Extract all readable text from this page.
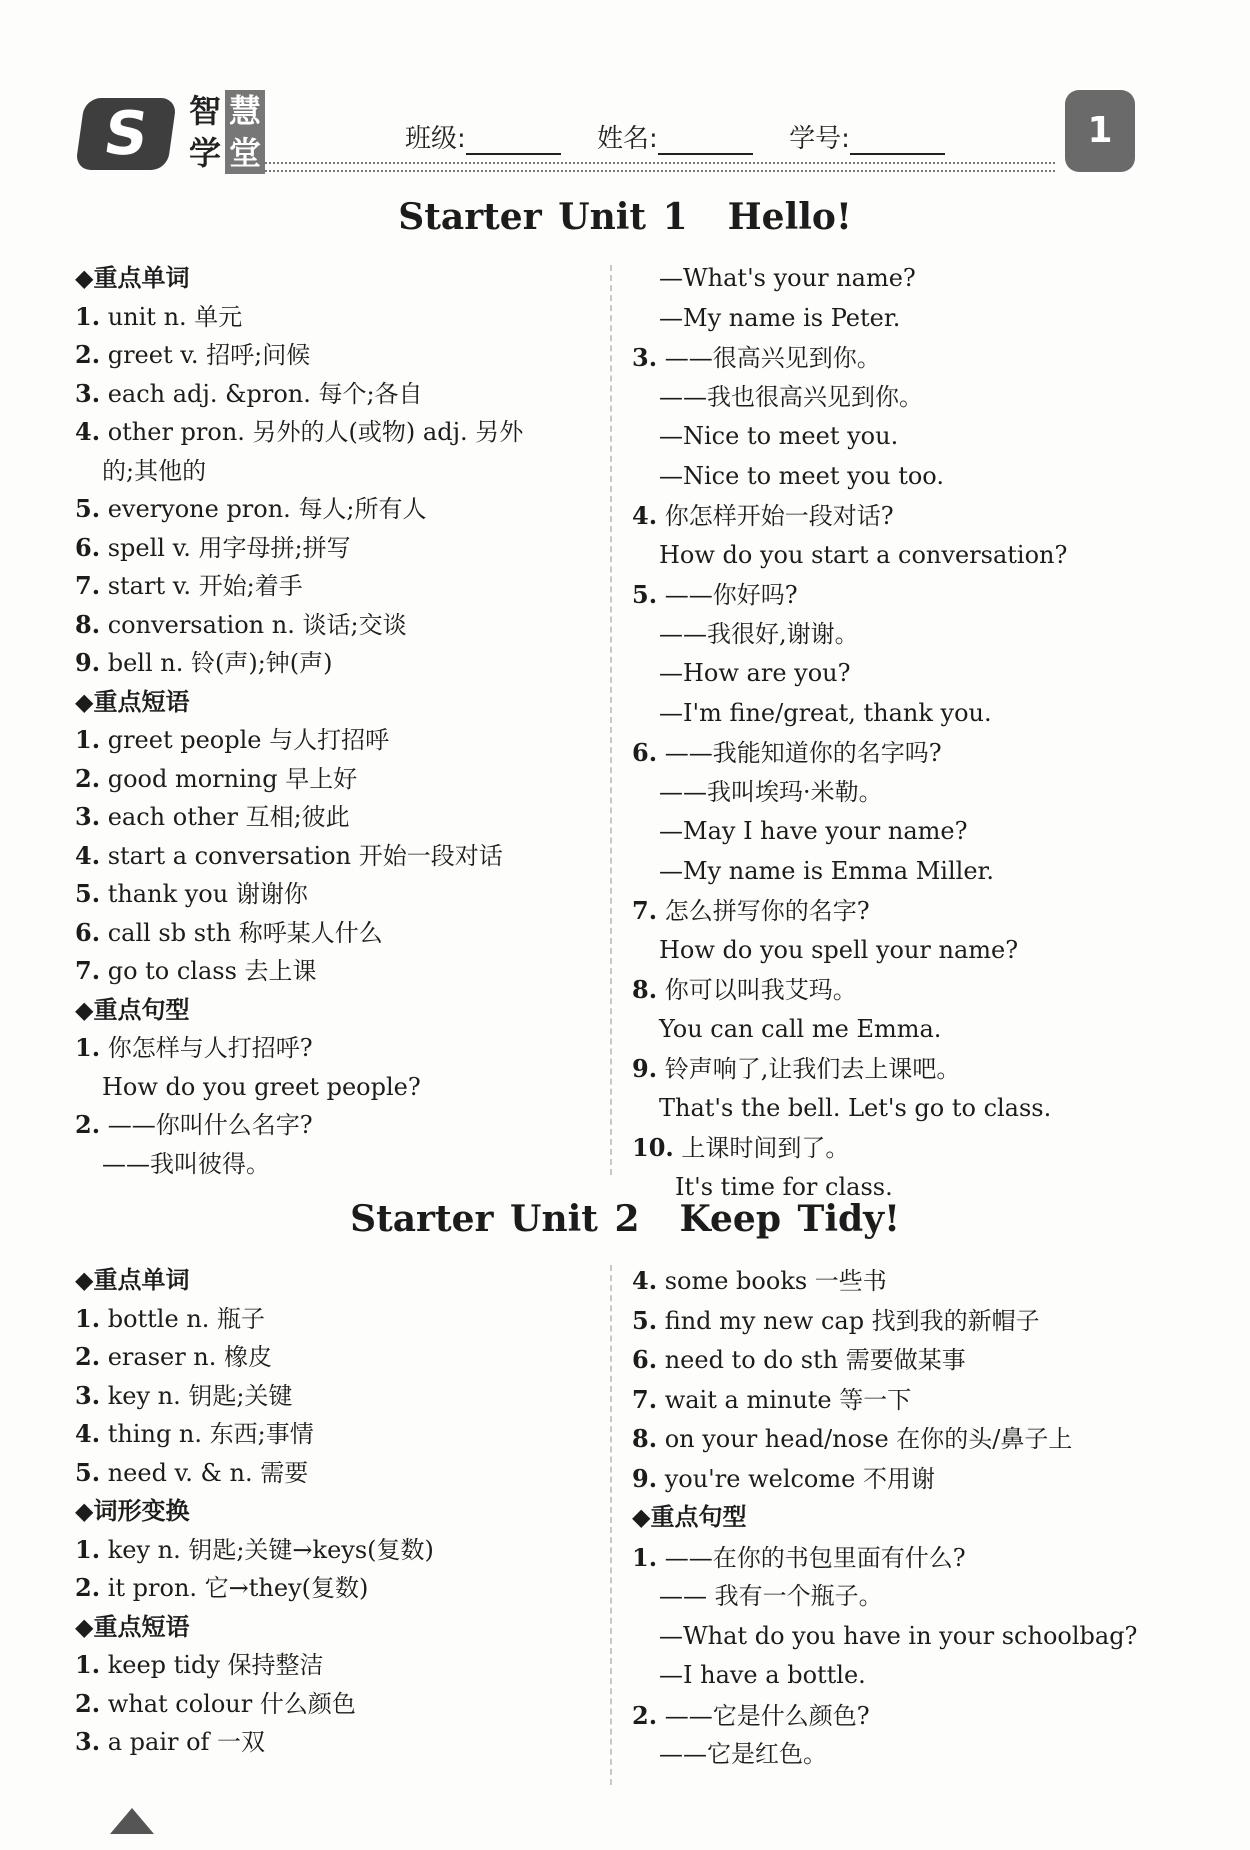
S	智 慧
学 堂	班级:	姓名:	学号:	1
Starter Unit 1 Hello!
◆重点单词
1. unit n. 单元
2. greet v. 招呼;问候
3. each adj. &pron. 每个;各自
4. other pron. 另外的人(或物) adj. 另外
的;其他的
5. everyone pron. 每人;所有人
6. spell v. 用字母拼;拼写
7. start v. 开始;着手
8. conversation n. 谈话;交谈
9. bell n. 铃(声);钟(声)
◆重点短语
1. greet people 与人打招呼
2. good morning 早上好
3. each other 互相;彼此
4. start a conversation 开始一段对话
5. thank you 谢谢你
6. call sb sth 称呼某人什么
7. go to class 去上课
◆重点句型
1. 你怎样与人打招呼?
How do you greet people?
2. ——你叫什么名字?
——我叫彼得。
—What's your name?
—My name is Peter.
3. ——很高兴见到你。
——我也很高兴见到你。
—Nice to meet you.
—Nice to meet you too.
4. 你怎样开始一段对话?
How do you start a conversation?
5. ——你好吗?
——我很好,谢谢。
—How are you?
—I'm fine/great, thank you.
6. ——我能知道你的名字吗?
——我叫埃玛·米勒。
—May I have your name?
—My name is Emma Miller.
7. 怎么拼写你的名字?
How do you spell your name?
8. 你可以叫我艾玛。
You can call me Emma.
9. 铃声响了,让我们去上课吧。
That's the bell. Let's go to class.
10. 上课时间到了。
It's time for class.
Starter Unit 2 Keep Tidy!
◆重点单词
1. bottle n. 瓶子
2. eraser n. 橡皮
3. key n. 钥匙;关键
4. thing n. 东西;事情
5. need v. & n. 需要
◆词形变换
1. key n. 钥匙;关键→keys(复数)
2. it pron. 它→they(复数)
◆重点短语
1. keep tidy 保持整洁
2. what colour 什么颜色
3. a pair of 一双
4. some books 一些书
5. find my new cap 找到我的新帽子
6. need to do sth 需要做某事
7. wait a minute 等一下
8. on your head/nose 在你的头/鼻子上
9. you're welcome 不用谢
◆重点句型
1. ——在你的书包里面有什么?
—— 我有一个瓶子。
—What do you have in your schoolbag?
—I have a bottle.
2. ——它是什么颜色?
——它是红色。
